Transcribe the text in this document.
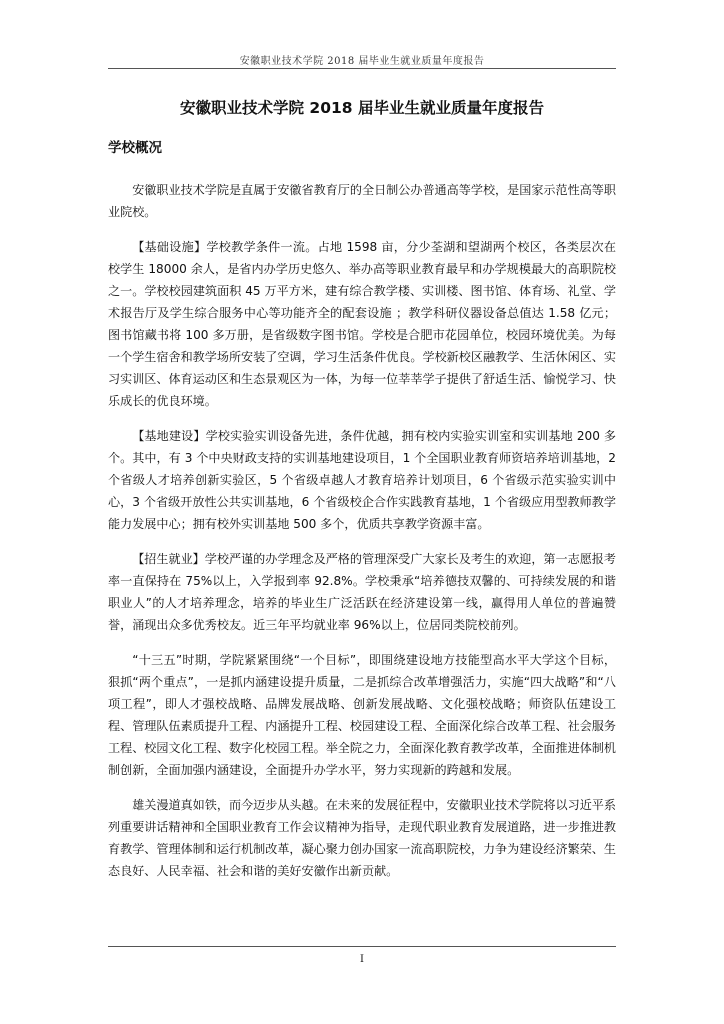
安徽职业技术学院 2018 届毕业生就业质量年度报告
安徽职业技术学院 2018 届毕业生就业质量年度报告
学校概况

安徽职业技术学院是直属于安徽省教育厅的全日制公办普通高等学校，是国家示范性高等职业院校。

【基础设施】学校教学条件一流。占地 1598 亩，分少荃湖和望湖两个校区，各类层次在校学生 18000 余人，是省内办学历史悠久、举办高等职业教育最早和办学规模最大的高职院校之一。学校校园建筑面积 45 万平方米，建有综合教学楼、实训楼、图书馆、体育场、礼堂、学术报告厅及学生综合服务中心等功能齐全的配套设施 ；教学科研仪器设备总值达 1.58 亿元；图书馆藏书将 100 多万册，是省级数字图书馆。学校是合肥市花园单位，校园环境优美。为每一个学生宿舍和教学场所安装了空调，学习生活条件优良。学校新校区融教学、生活休闲区、实习实训区、体育运动区和生态景观区为一体，为每一位莘莘学子提供了舒适生活、愉悦学习、快乐成长的优良环境。

【基地建设】学校实验实训设备先进，条件优越，拥有校内实验实训室和实训基地 200 多个。其中，有 3 个中央财政支持的实训基地建设项目，1 个全国职业教育师资培养培训基地，2 个省级人才培养创新实验区，5 个省级卓越人才教育培养计划项目，6 个省级示范实验实训中心，3 个省级开放性公共实训基地，6 个省级校企合作实践教育基地，1 个省级应用型教师教学能力发展中心；拥有校外实训基地 500 多个，优质共享教学资源丰富。

【招生就业】学校严谨的办学理念及严格的管理深受广大家长及考生的欢迎，第一志愿报考率一直保持在 75%以上，入学报到率 92.8%。学校秉承“培养德技双馨的、可持续发展的和谐职业人”的人才培养理念，培养的毕业生广泛活跃在经济建设第一线，赢得用人单位的普遍赞誉，涌现出众多优秀校友。近三年平均就业率 96%以上，位居同类院校前列。

“十三五”时期，学院紧紧围绕“一个目标”，即围绕建设地方技能型高水平大学这个目标，狠抓“两个重点”，一是抓内涵建设提升质量，二是抓综合改革增强活力，实施“四大战略”和“八项工程”，即人才强校战略、品牌发展战略、创新发展战略、文化强校战略；师资队伍建设工程、管理队伍素质提升工程、内涵提升工程、校园建设工程、全面深化综合改革工程、社会服务工程、校园文化工程、数字化校园工程。举全院之力，全面深化教育教学改革，全面推进体制机制创新，全面加强内涵建设，全面提升办学水平，努力实现新的跨越和发展。

雄关漫道真如铁，而今迈步从头越。在未来的发展征程中，安徽职业技术学院将以习近平系列重要讲话精神和全国职业教育工作会议精神为指导，走现代职业教育发展道路，进一步推进教育教学、管理体制和运行机制改革，凝心聚力创办国家一流高职院校，力争为建设经济繁荣、生态良好、人民幸福、社会和谐的美好安徽作出新贡献。

I
